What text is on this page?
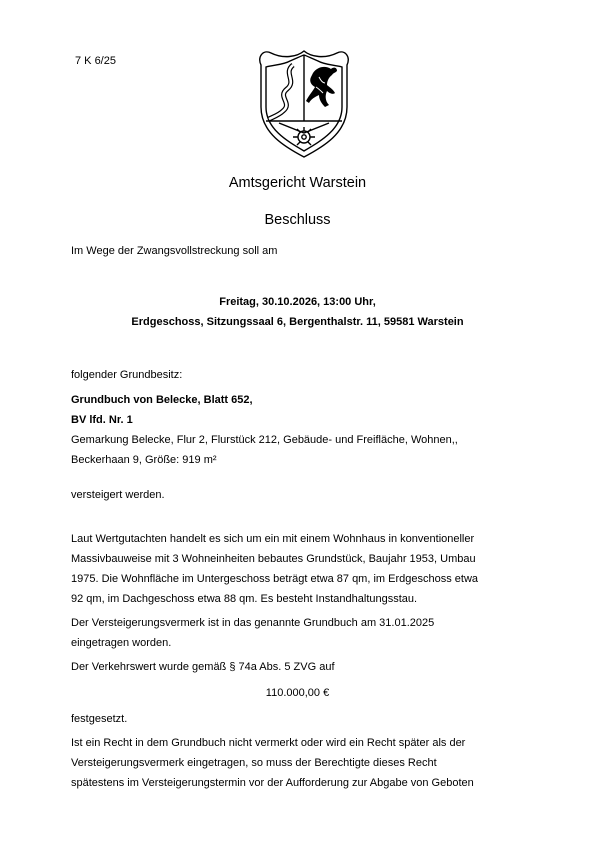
7 K 6/25
Amtsgericht Warstein
Beschluss
Im Wege der Zwangsvollstreckung soll am
Freitag, 30.10.2026, 13:00 Uhr,
Erdgeschoss, Sitzungssaal 6, Bergenthalstr. 11, 59581 Warstein
folgender Grundbesitz:
Grundbuch von Belecke, Blatt 652,
BV lfd. Nr. 1
Gemarkung Belecke, Flur 2, Flurstück 212, Gebäude- und Freifläche, Wohnen,,
Beckerhaan 9, Größe: 919 m²
versteigert werden.
Laut Wertgutachten handelt es sich um ein mit einem Wohnhaus in konventioneller
Massivbauweise mit 3 Wohneinheiten bebautes Grundstück, Baujahr 1953, Umbau
1975. Die Wohnfläche im Untergeschoss beträgt etwa 87 qm, im Erdgeschoss etwa
92 qm, im Dachgeschoss etwa 88 qm. Es besteht Instandhaltungsstau.
Der Versteigerungsvermerk ist in das genannte Grundbuch am 31.01.2025
eingetragen worden.
Der Verkehrswert wurde gemäß § 74a Abs. 5 ZVG auf
110.000,00 €
festgesetzt.
Ist ein Recht in dem Grundbuch nicht vermerkt oder wird ein Recht später als der
Versteigerungsvermerk eingetragen, so muss der Berechtigte dieses Recht
spätestens im Versteigerungstermin vor der Aufforderung zur Abgabe von Geboten
